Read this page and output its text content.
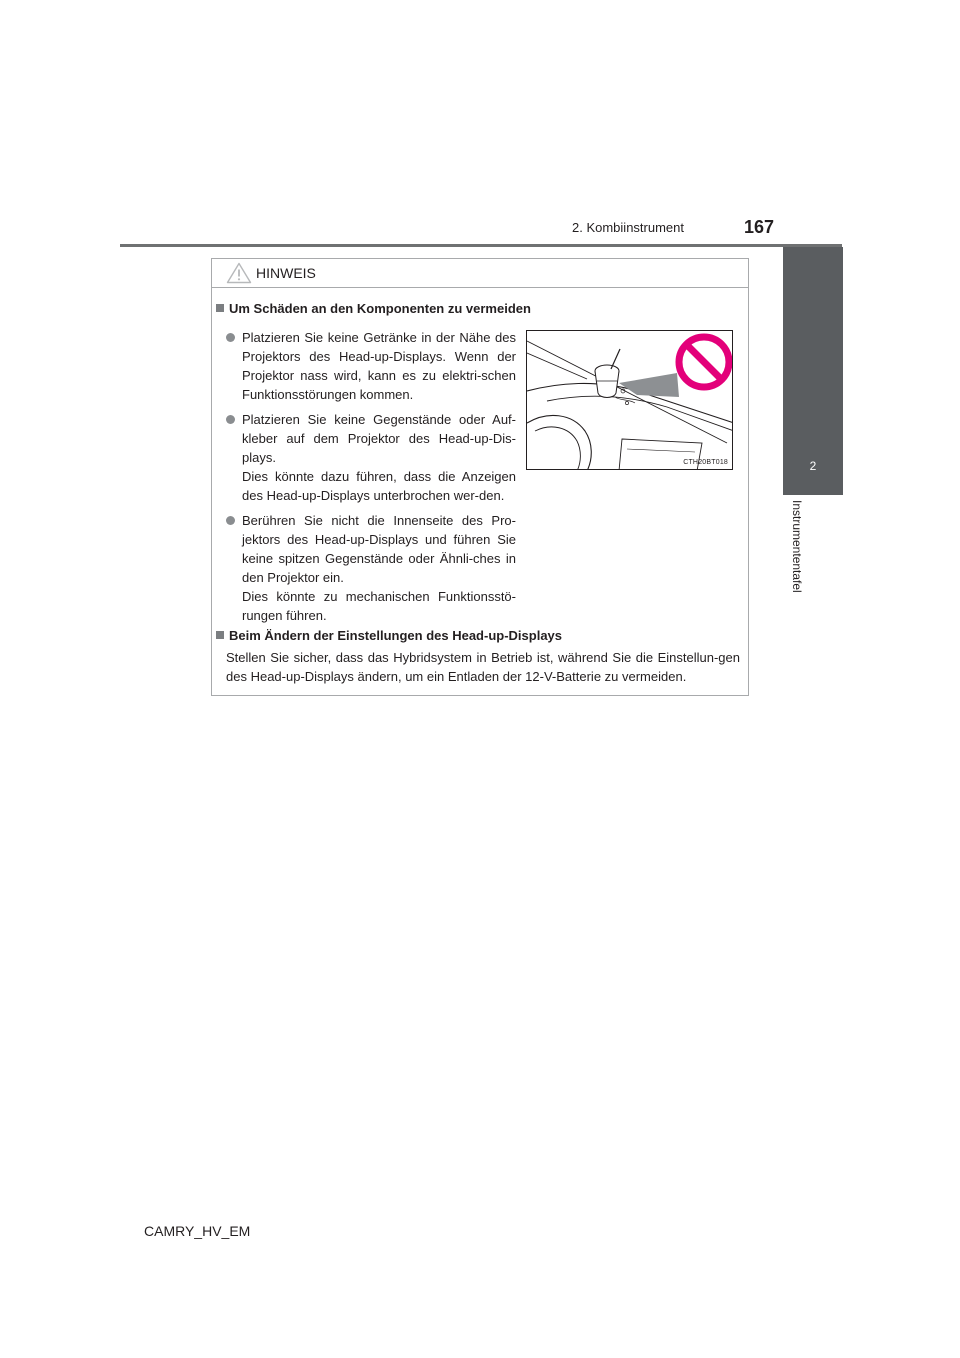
2. Kombiinstrument	167
2
Instrumententafel
HINWEIS
Um Schäden an den Komponenten zu vermeiden
Platzieren Sie keine Getränke in der Nähe des Projektors des Head-up-Displays. Wenn der Projektor nass wird, kann es zu elektri-schen Funktionsstörungen kommen.
Platzieren Sie keine Gegenstände oder Auf-kleber auf dem Projektor des Head-up-Dis-plays.
Dies könnte dazu führen, dass die Anzeigen des Head-up-Displays unterbrochen wer-den.
Berühren Sie nicht die Innenseite des Pro-jektors des Head-up-Displays und führen Sie keine spitzen Gegenstände oder Ähnli-ches in den Projektor ein.
Dies könnte zu mechanischen Funktionsstö-rungen führen.
CTH20BT018
Beim Ändern der Einstellungen des Head-up-Displays
Stellen Sie sicher, dass das Hybridsystem in Betrieb ist, während Sie die Einstellun-gen des Head-up-Displays ändern, um ein Entladen der 12-V-Batterie zu vermeiden.
CAMRY_HV_EM
